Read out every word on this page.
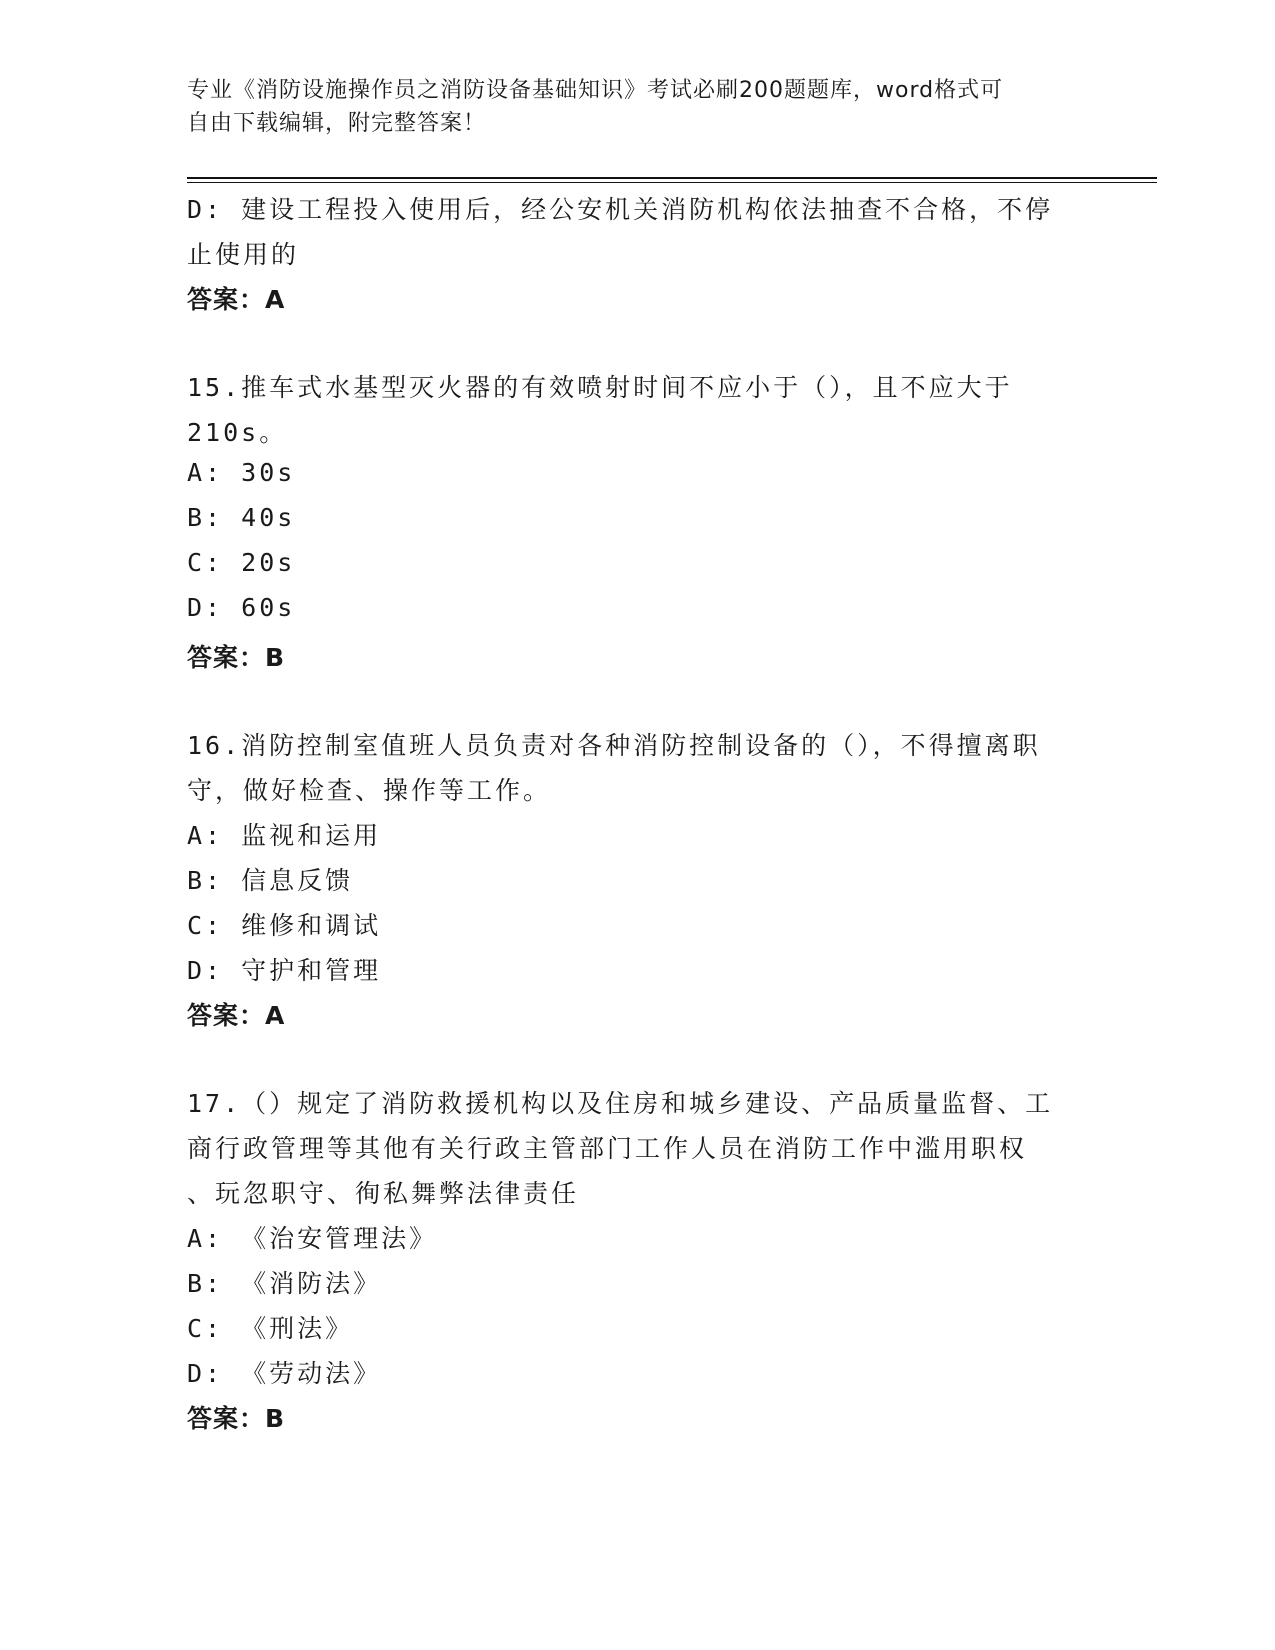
专业《消防设施操作员之消防设备基础知识》考试必刷200题题库，word格式可
自由下载编辑，附完整答案！
D: 建设工程投入使用后，经公安机关消防机构依法抽查不合格，不停
止使用的
答案：A
15.推车式水基型灭火器的有效喷射时间不应小于（），且不应大于
210s。
A: 30s
B: 40s
C: 20s
D: 60s
答案：B
16.消防控制室值班人员负责对各种消防控制设备的（），不得擅离职
守，做好检查、操作等工作。
A: 监视和运用
B: 信息反馈
C: 维修和调试
D: 守护和管理
答案：A
17.（）规定了消防救援机构以及住房和城乡建设、产品质量监督、工
商行政管理等其他有关行政主管部门工作人员在消防工作中滥用职权
、玩忽职守、徇私舞弊法律责任
A: 《治安管理法》
B: 《消防法》
C: 《刑法》
D: 《劳动法》
答案：B
